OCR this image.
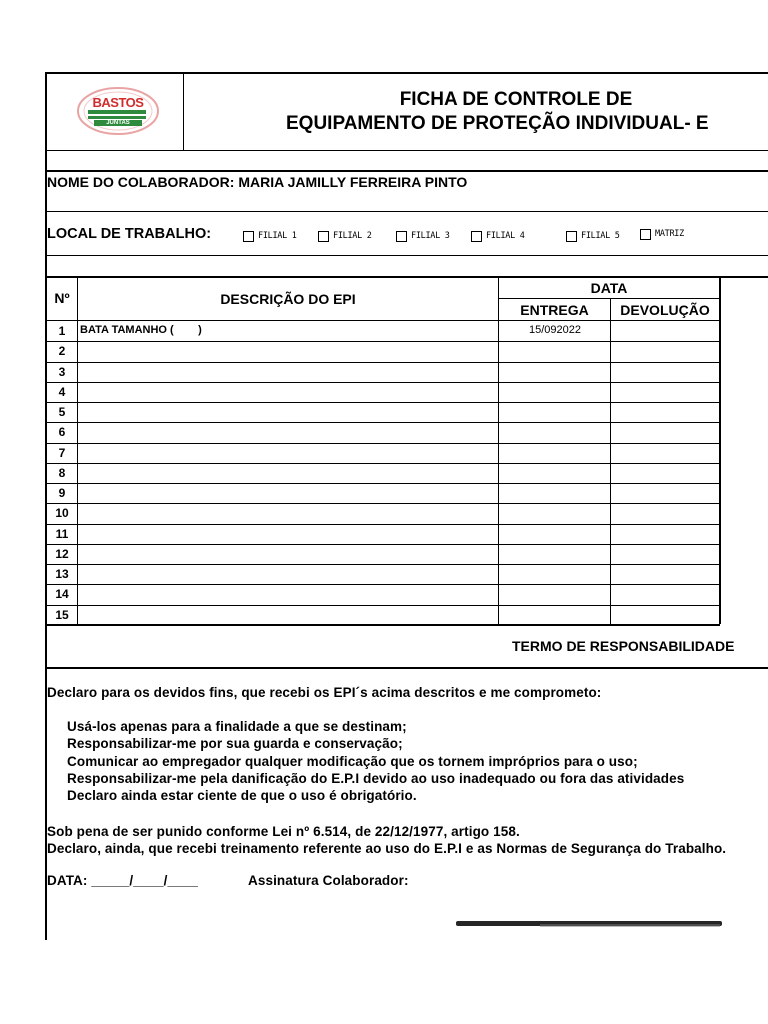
BASTOS
JUNTAS
FICHA DE CONTROLE DE
EQUIPAMENTO DE PROTEÇÃO INDIVIDUAL- E
NOME DO COLABORADOR: MARIA JAMILLY FERREIRA PINTO
LOCAL DE TRABALHO:	FILIAL 1	FILIAL 2	FILIAL 3	FILIAL 4	FILIAL 5	MATRIZ
Nº	DESCRIÇÃO DO EPI
DATA
ENTREGA	DEVOLUÇÃO
1	BATA TAMANHO (        )	15/092022
2
3
4
5
6
7
8
9
10
11
12
13
14
15
TERMO DE RESPONSABILIDADE
Declaro para os devidos fins, que recebi os EPI´s acima descritos e me comprometo:
Usá-los apenas para a finalidade a que se destinam;
Responsabilizar-me por sua guarda e conservação;
Comunicar ao empregador qualquer modificação que os tornem impróprios para o uso;
Responsabilizar-me pela danificação do E.P.I devido ao uso inadequado ou fora das atividades
Declaro ainda estar ciente de que o uso é obrigatório.
Sob pena de ser punido conforme Lei nº 6.514, de 22/12/1977, artigo 158.
Declaro, ainda, que recebi treinamento referente ao uso do E.P.I e as Normas de Segurança do Trabalho.
DATA: _____/____/____	Assinatura Colaborador:
